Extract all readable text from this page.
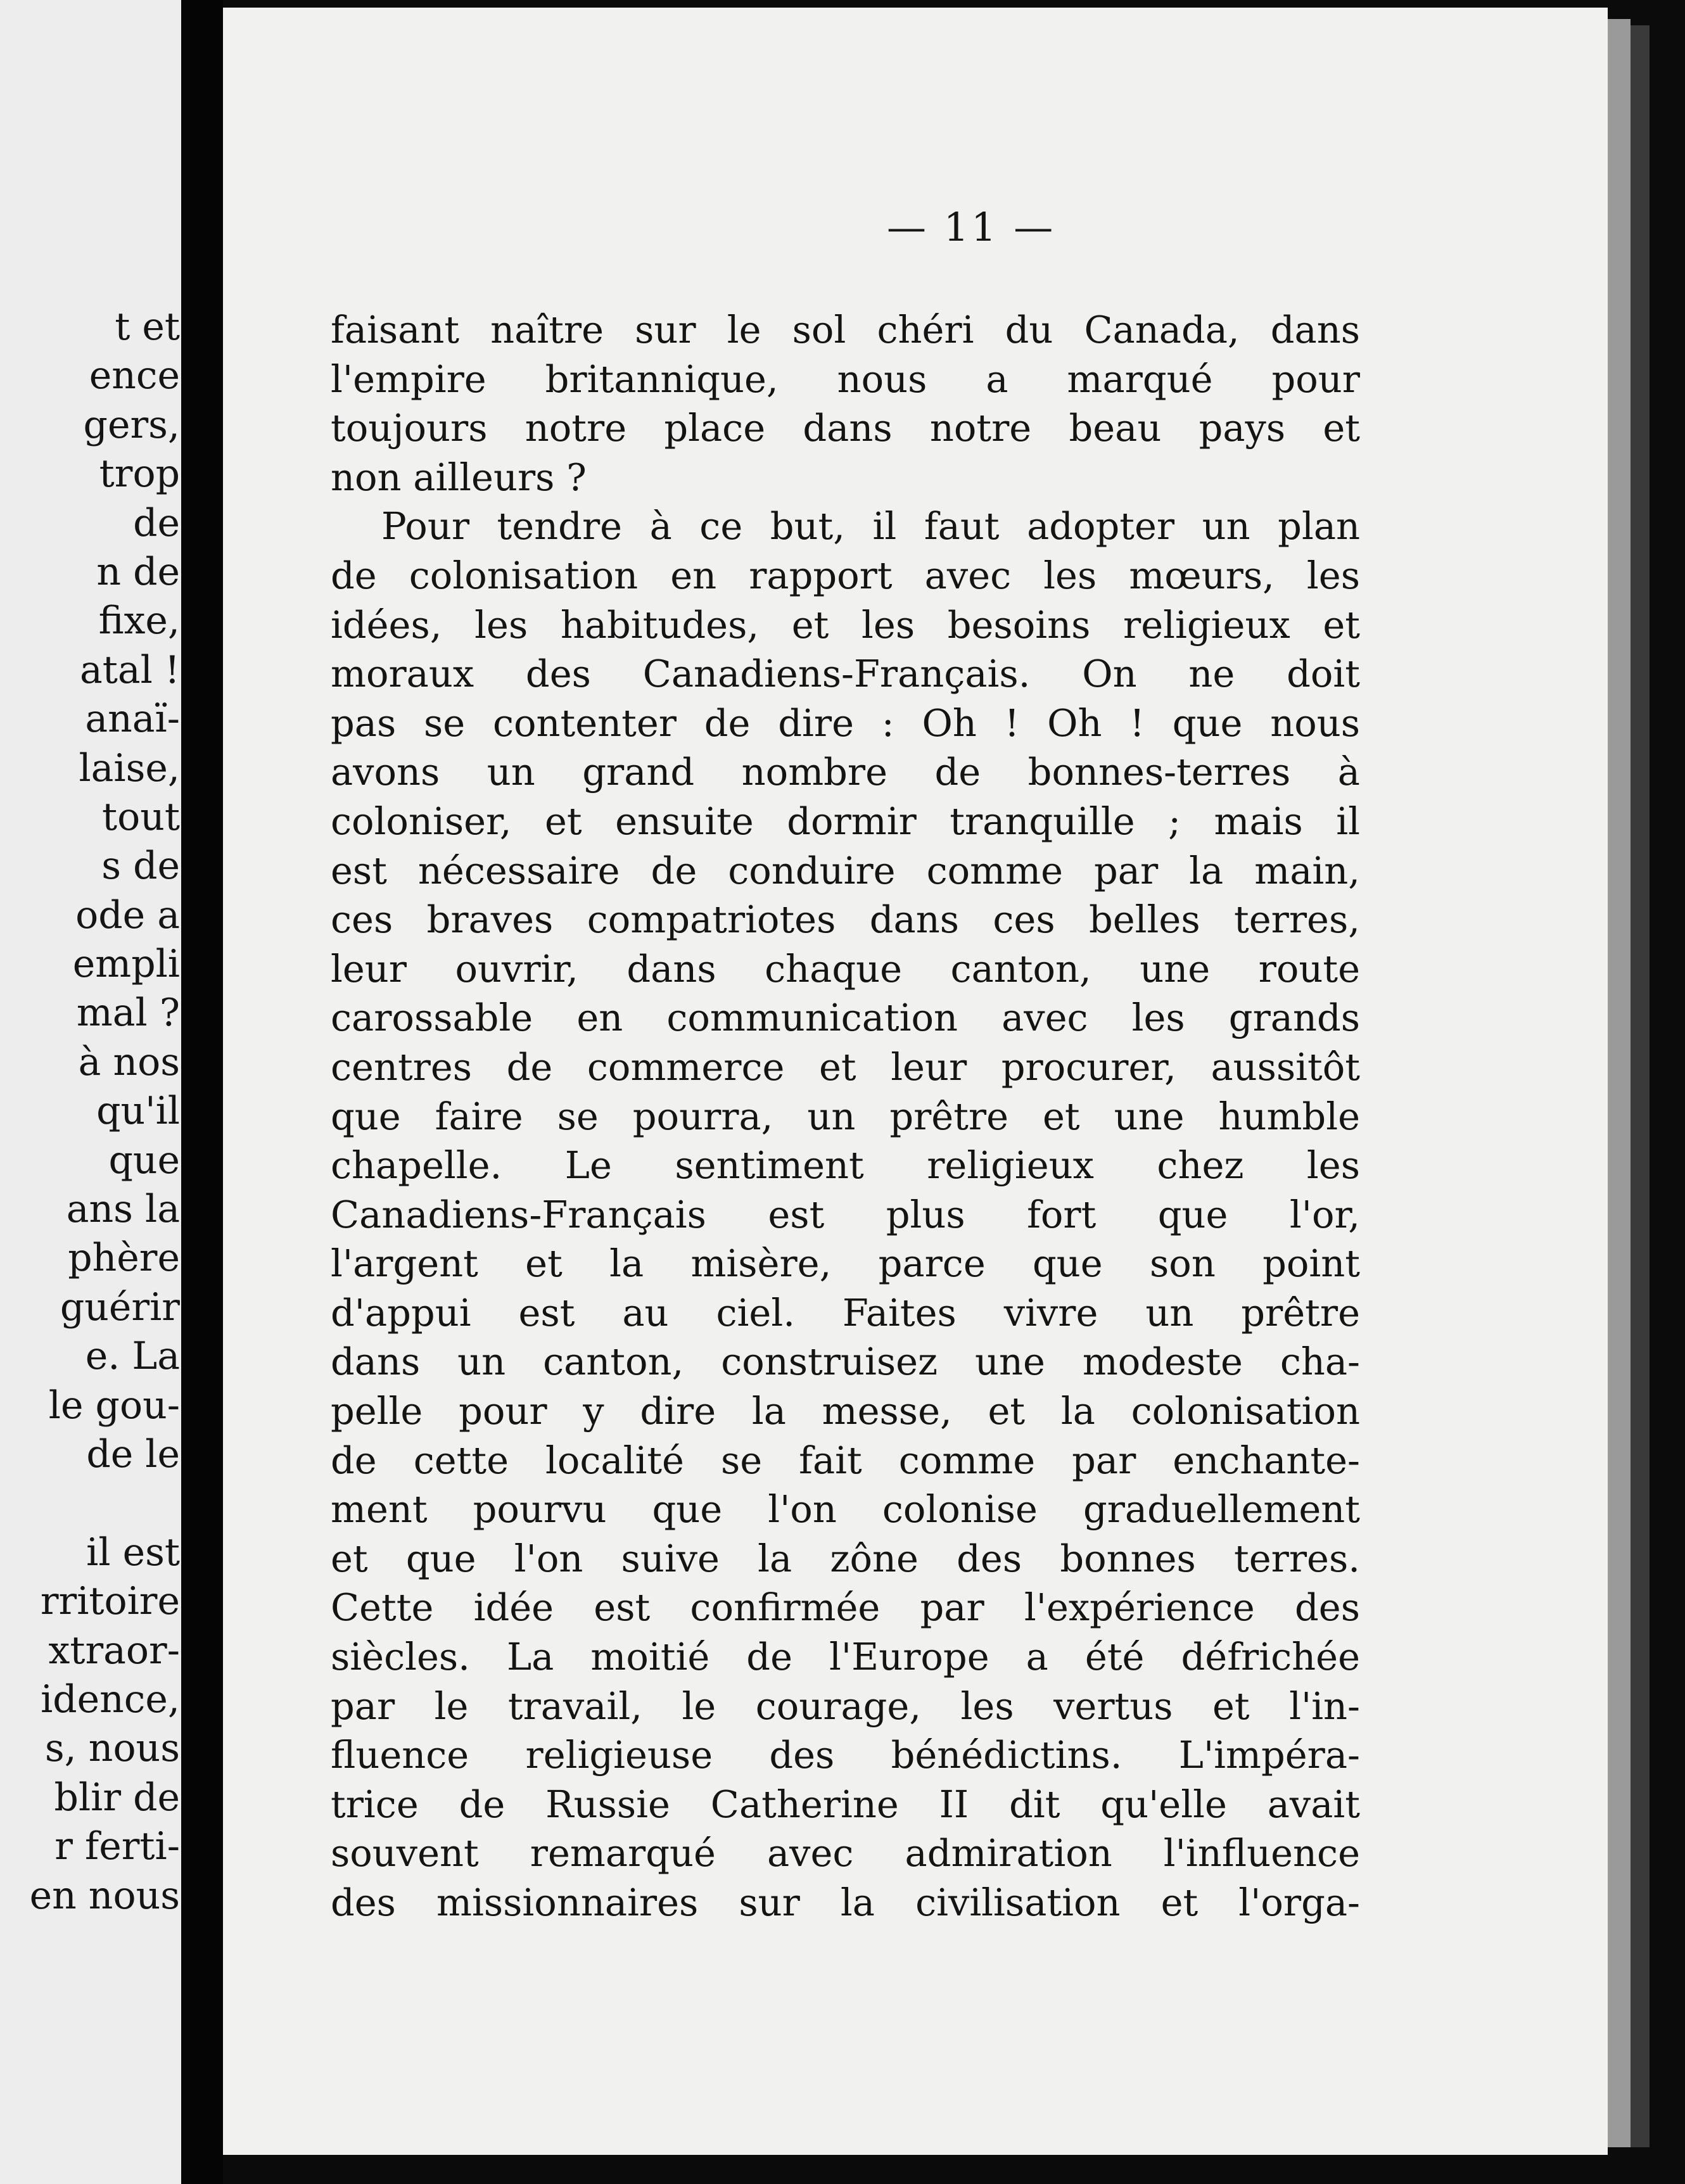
t et
ence
gers,
trop
de
n de
fixe,
atal !
anaï-
laise,
tout
s de
ode a
empli
mal ?
à nos
qu'il
que
ans la
phère
guérir
e. La
le gou-
de le
il est
rritoire
xtraor-
idence,
s, nous
blir de
r ferti-
en nous
— 11 —
faisant naître sur le sol chéri du Canada, dans
l'empire britannique, nous a marqué pour
toujours notre place dans notre beau pays et
non ailleurs ?
Pour tendre à ce but, il faut adopter un plan
de colonisation en rapport avec les mœurs, les
idées, les habitudes, et les besoins religieux et
moraux des Canadiens-Français. On ne doit
pas se contenter de dire : Oh ! Oh ! que nous
avons un grand nombre de bonnes-terres à
coloniser, et ensuite dormir tranquille ; mais il
est nécessaire de conduire comme par la main,
ces braves compatriotes dans ces belles terres,
leur ouvrir, dans chaque canton, une route
carossable en communication avec les grands
centres de commerce et leur procurer, aussitôt
que faire se pourra, un prêtre et une humble
chapelle. Le sentiment religieux chez les
Canadiens-Français est plus fort que l'or,
l'argent et la misère, parce que son point
d'appui est au ciel. Faites vivre un prêtre
dans un canton, construisez une modeste cha-
pelle pour y dire la messe, et la colonisation
de cette localité se fait comme par enchante-
ment pourvu que l'on colonise graduellement
et que l'on suive la zône des bonnes terres.
Cette idée est confirmée par l'expérience des
siècles. La moitié de l'Europe a été défrichée
par le travail, le courage, les vertus et l'in-
fluence religieuse des bénédictins. L'impéra-
trice de Russie Catherine II dit qu'elle avait
souvent remarqué avec admiration l'influence
des missionnaires sur la civilisation et l'orga-
